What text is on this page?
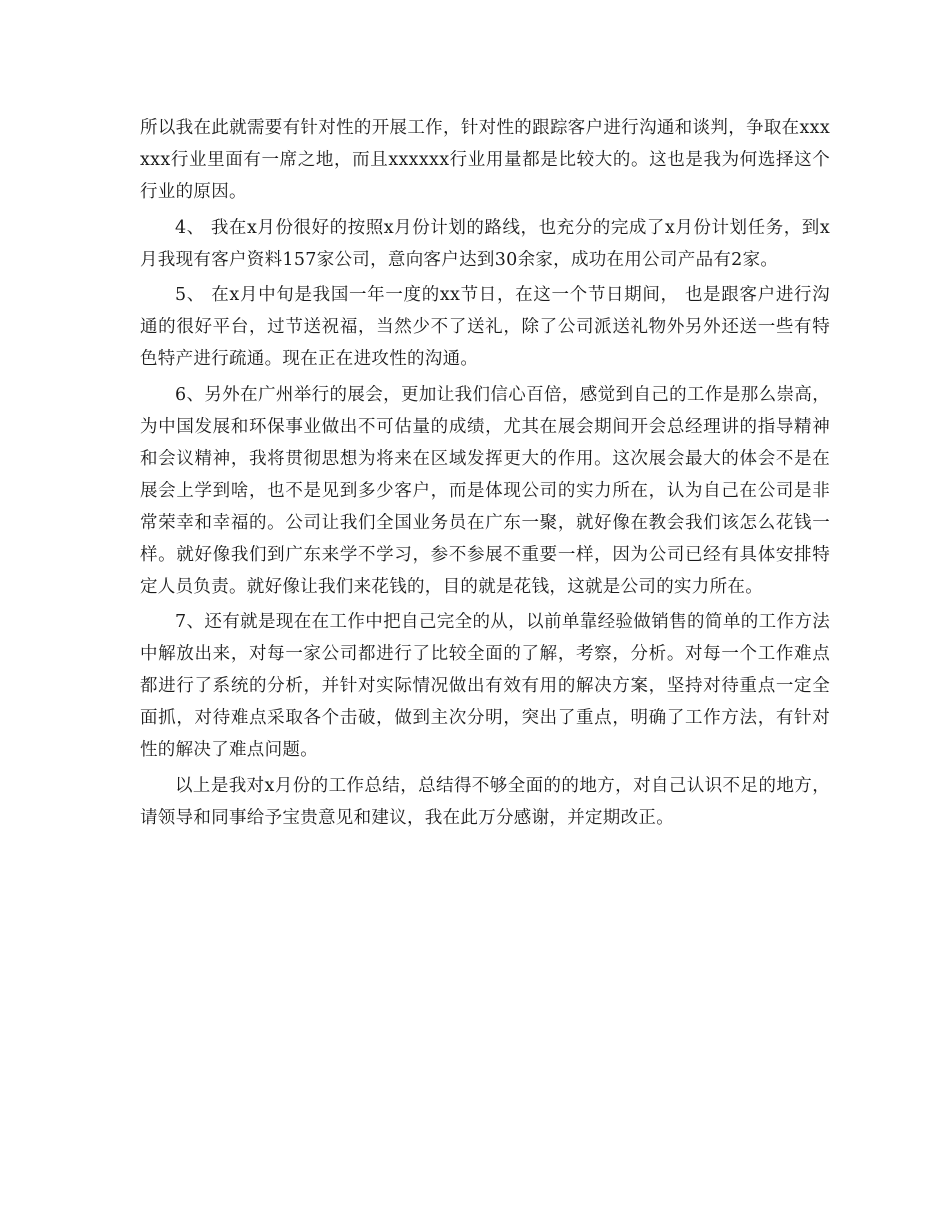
所以我在此就需要有针对性的开展工作，针对性的跟踪客户进行沟通和谈判，争取在xxxxxx行业里面有一席之地，而且xxxxxx行业用量都是比较大的。这也是我为何选择这个行业的原因。

4、 我在x月份很好的按照x月份计划的路线，也充分的完成了x月份计划任务，到x月我现有客户资料157家公司，意向客户达到30余家，成功在用公司产品有2家。

5、 在x月中旬是我国一年一度的xx节日，在这一个节日期间， 也是跟客户进行沟通的很好平台，过节送祝福，当然少不了送礼，除了公司派送礼物外另外还送一些有特色特产进行疏通。现在正在进攻性的沟通。

6、另外在广州举行的展会，更加让我们信心百倍，感觉到自己的工作是那么崇高，为中国发展和环保事业做出不可估量的成绩，尤其在展会期间开会总经理讲的指导精神和会议精神，我将贯彻思想为将来在区域发挥更大的作用。这次展会最大的体会不是在展会上学到啥，也不是见到多少客户，而是体现公司的实力所在，认为自己在公司是非常荣幸和幸福的。公司让我们全国业务员在广东一聚，就好像在教会我们该怎么花钱一样。就好像我们到广东来学不学习，参不参展不重要一样，因为公司已经有具体安排特定人员负责。就好像让我们来花钱的，目的就是花钱，这就是公司的实力所在。

7、还有就是现在在工作中把自己完全的从，以前单靠经验做销售的简单的工作方法中解放出来，对每一家公司都进行了比较全面的了解，考察，分析。对每一个工作难点都进行了系统的分析，并针对实际情况做出有效有用的解决方案，坚持对待重点一定全面抓，对待难点采取各个击破，做到主次分明，突出了重点，明确了工作方法，有针对性的解决了难点问题。

以上是我对x月份的工作总结，总结得不够全面的的地方，对自己认识不足的地方，请领导和同事给予宝贵意见和建议，我在此万分感谢，并定期改正。
